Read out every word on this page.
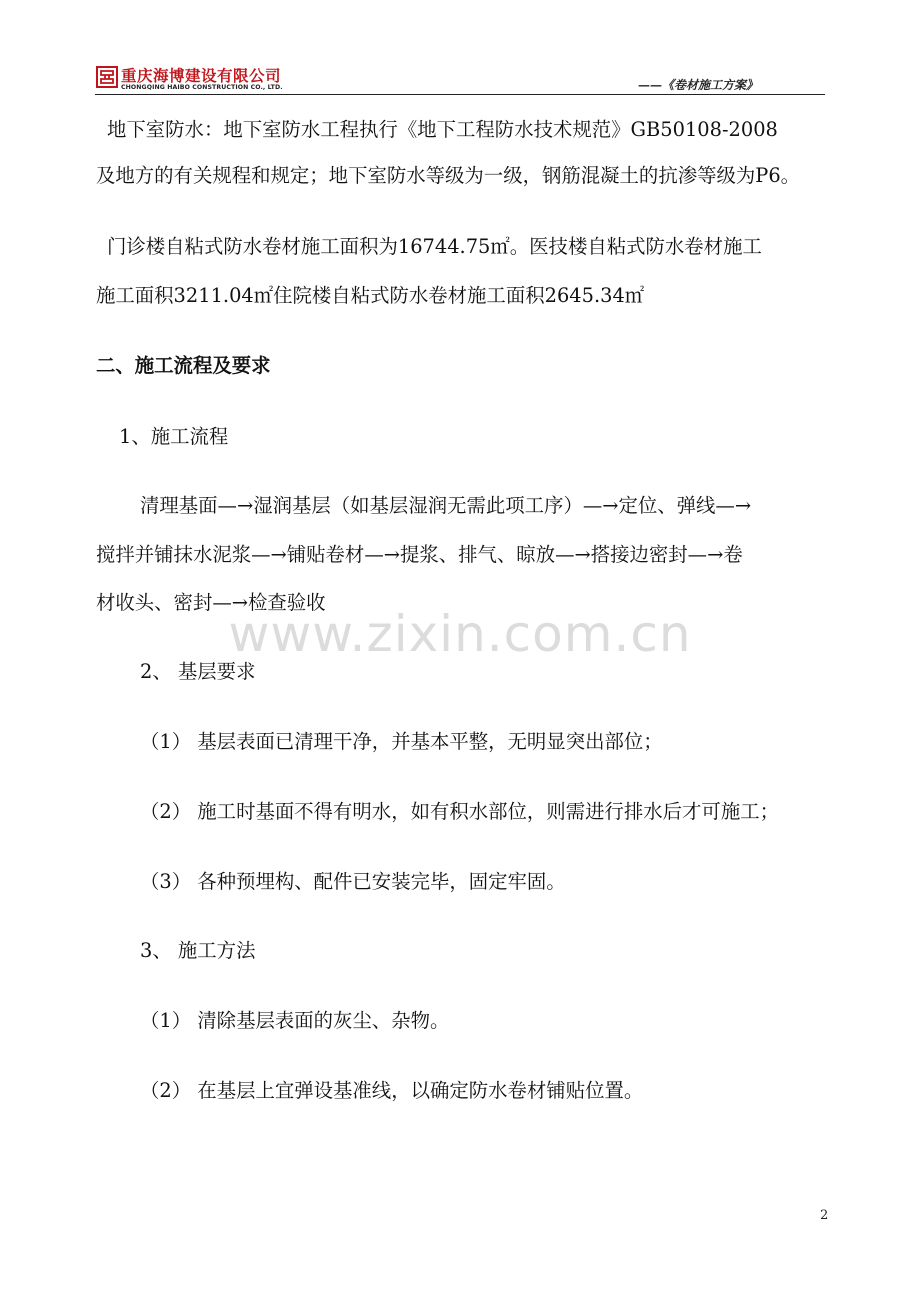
重庆海博建设有限公司
CHONGQING HAIBO CONSTRUCTION CO., LTD.	——《卷材施工方案》
地下室防水：地下室防水工程执行《地下工程防水技术规范》GB50108-2008
及地方的有关规程和规定；地下室防水等级为一级，钢筋混凝土的抗渗等级为P6。
门诊楼自粘式防水卷材施工面积为16744.75㎡。医技楼自粘式防水卷材施工
施工面积3211.04㎡住院楼自粘式防水卷材施工面积2645.34㎡
二、施工流程及要求
1、施工流程
清理基面—→湿润基层（如基层湿润无需此项工序）—→定位、弹线—→
搅拌并铺抹水泥浆—→铺贴卷材—→提浆、排气、晾放—→搭接边密封—→卷
材收头、密封—→检查验收
www.zixin.com.cn
2、 基层要求
（1） 基层表面已清理干净，并基本平整，无明显突出部位；
（2） 施工时基面不得有明水，如有积水部位，则需进行排水后才可施工；
（3） 各种预埋构、配件已安装完毕，固定牢固。
3、 施工方法
（1） 清除基层表面的灰尘、杂物。
（2） 在基层上宜弹设基准线，以确定防水卷材铺贴位置。
2
